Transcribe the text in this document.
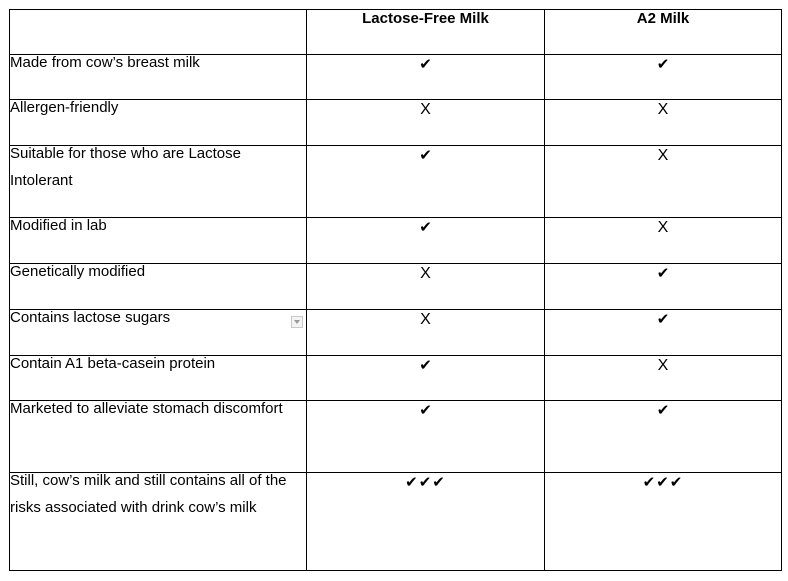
	Lactose-Free Milk	A2 Milk

Made from cow’s breast milk	✔	✔

Allergen-friendly	X	X

Suitable for those who are Lactose Intolerant	✔	X

Modified in lab	✔	X

Genetically modified	X	✔

Contains lactose sugars	X	✔

Contain A1 beta-casein protein	✔	X

Marketed to alleviate stomach discomfort	✔	✔

Still, cow’s milk and still contains all of the risks associated with drink cow’s milk	✔✔✔	✔✔✔
